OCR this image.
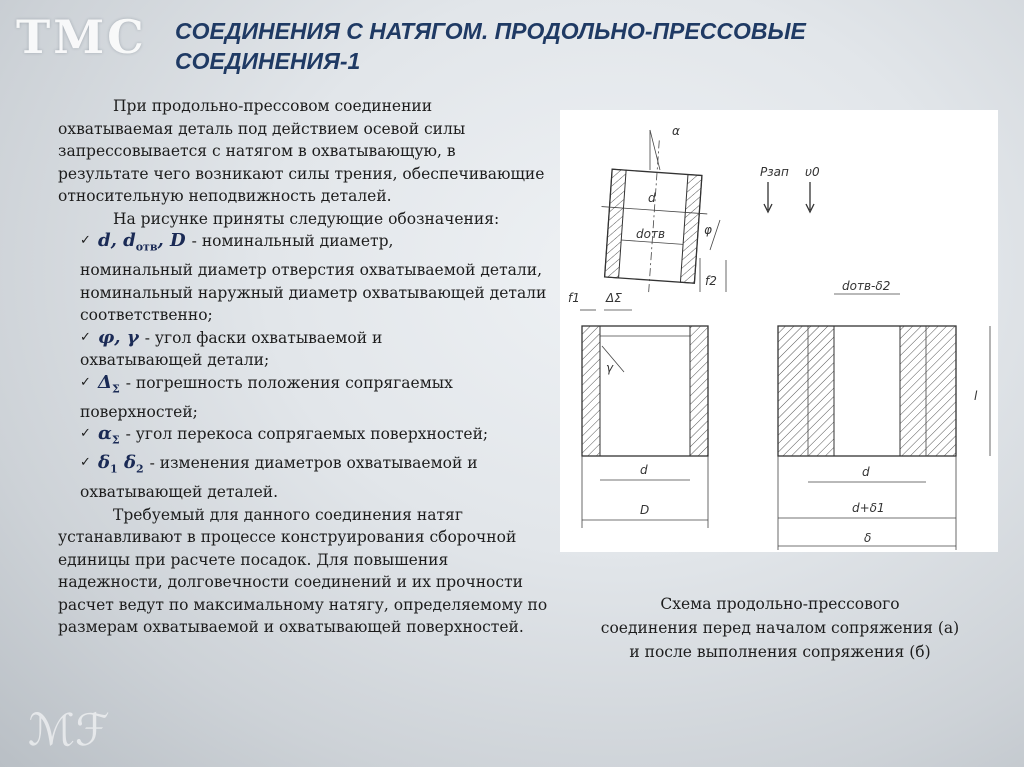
ТМС СОЕДИНЕНИЯ С НАТЯГОМ. ПРОДОЛЬНО-ПРЕССОВЫЕ СОЕДИНЕНИЯ-1

При продольно-прессовом соединении охватываемая деталь под действием осевой силы запрессовывается с натягом в охватывающую, в результате чего возникают силы трения, обеспечивающие относительную неподвижность деталей.

На рисунке приняты следующие обозначения:

✓ d, $d_{отв}$, D - номинальный диаметр,
номинальный диаметр отверстия охватываемой детали, номинальный наружный диаметр охватывающей детали соответственно;
✓ φ, γ - угол фаски охватываемой и
охватывающей детали;
✓ $\Delta_\Sigma$ - погрешность положения сопрягаемых
поверхностей;
✓ $\alpha_\Sigma$ - угол перекоса сопрягаемых поверхностей;
✓ $\delta_1$ $\delta_2$ - изменения диаметров охватываемой и
охватывающей деталей.

Требуемый для данного соединения натяг устанавливают в процессе конструирования сборочной единицы при расчете посадок. Для повышения надежности, долговечности соединений и их прочности расчет ведут по максимальному натягу, определяемому по размерам охватываемой и охватывающей поверхностей.

α
d
dотв	φ
f2
f1 ΔΣ
Pзап υ0
γ
d
D
dотв-δ2
l
d
d+δ1
δ
Схема продольно-прессового
соединения перед началом сопряжения (а)
и после выполнения сопряжения (б)
ℳℱ
